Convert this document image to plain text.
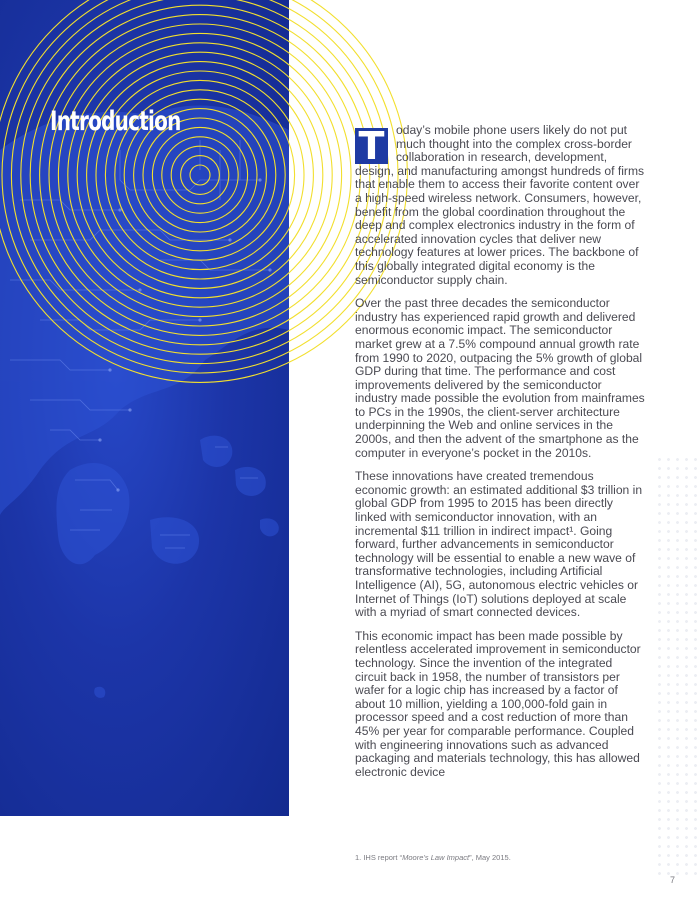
Introduction
T oday’s mobile phone users likely do not put much thought into the complex cross-border collaboration in research, development, design, and manufacturing amongst hundreds of firms that enable them to access their favorite content over a high-speed wireless network. Consumers, however, benefit from the global coordination throughout the deep and complex electronics industry in the form of accelerated innovation cycles that deliver new technology features at lower prices. The backbone of this globally integrated digital economy is the semiconductor supply chain.

Over the past three decades the semiconductor industry has experienced rapid growth and delivered enormous economic impact. The semiconductor market grew at a 7.5% compound annual growth rate from 1990 to 2020, outpacing the 5% growth of global GDP during that time. The performance and cost improvements delivered by the semiconductor industry made possible the evolution from mainframes to PCs in the 1990s, the client-server architecture underpinning the Web and online services in the 2000s, and then the advent of the smartphone as the computer in everyone’s pocket in the 2010s.

These innovations have created tremendous economic growth: an estimated additional $3 trillion in global GDP from 1995 to 2015 has been directly linked with semiconductor innovation, with an incremental $11 trillion in indirect impact¹. Going forward, further advancements in semiconductor technology will be essential to enable a new wave of transformative technologies, including Artificial Intelligence (AI), 5G, autonomous electric vehicles or Internet of Things (IoT) solutions deployed at scale with a myriad of smart connected devices.

This economic impact has been made possible by relentless accelerated improvement in semiconductor technology. Since the invention of the integrated circuit back in 1958, the number of transistors per wafer for a logic chip has increased by a factor of about 10 million, yielding a 100,000-fold gain in processor speed and a cost reduction of more than 45% per year for comparable performance. Coupled with engineering innovations such as advanced packaging and materials technology, this has allowed electronic device

1. IHS report “Moore’s Law Impact”, May 2015.
7
